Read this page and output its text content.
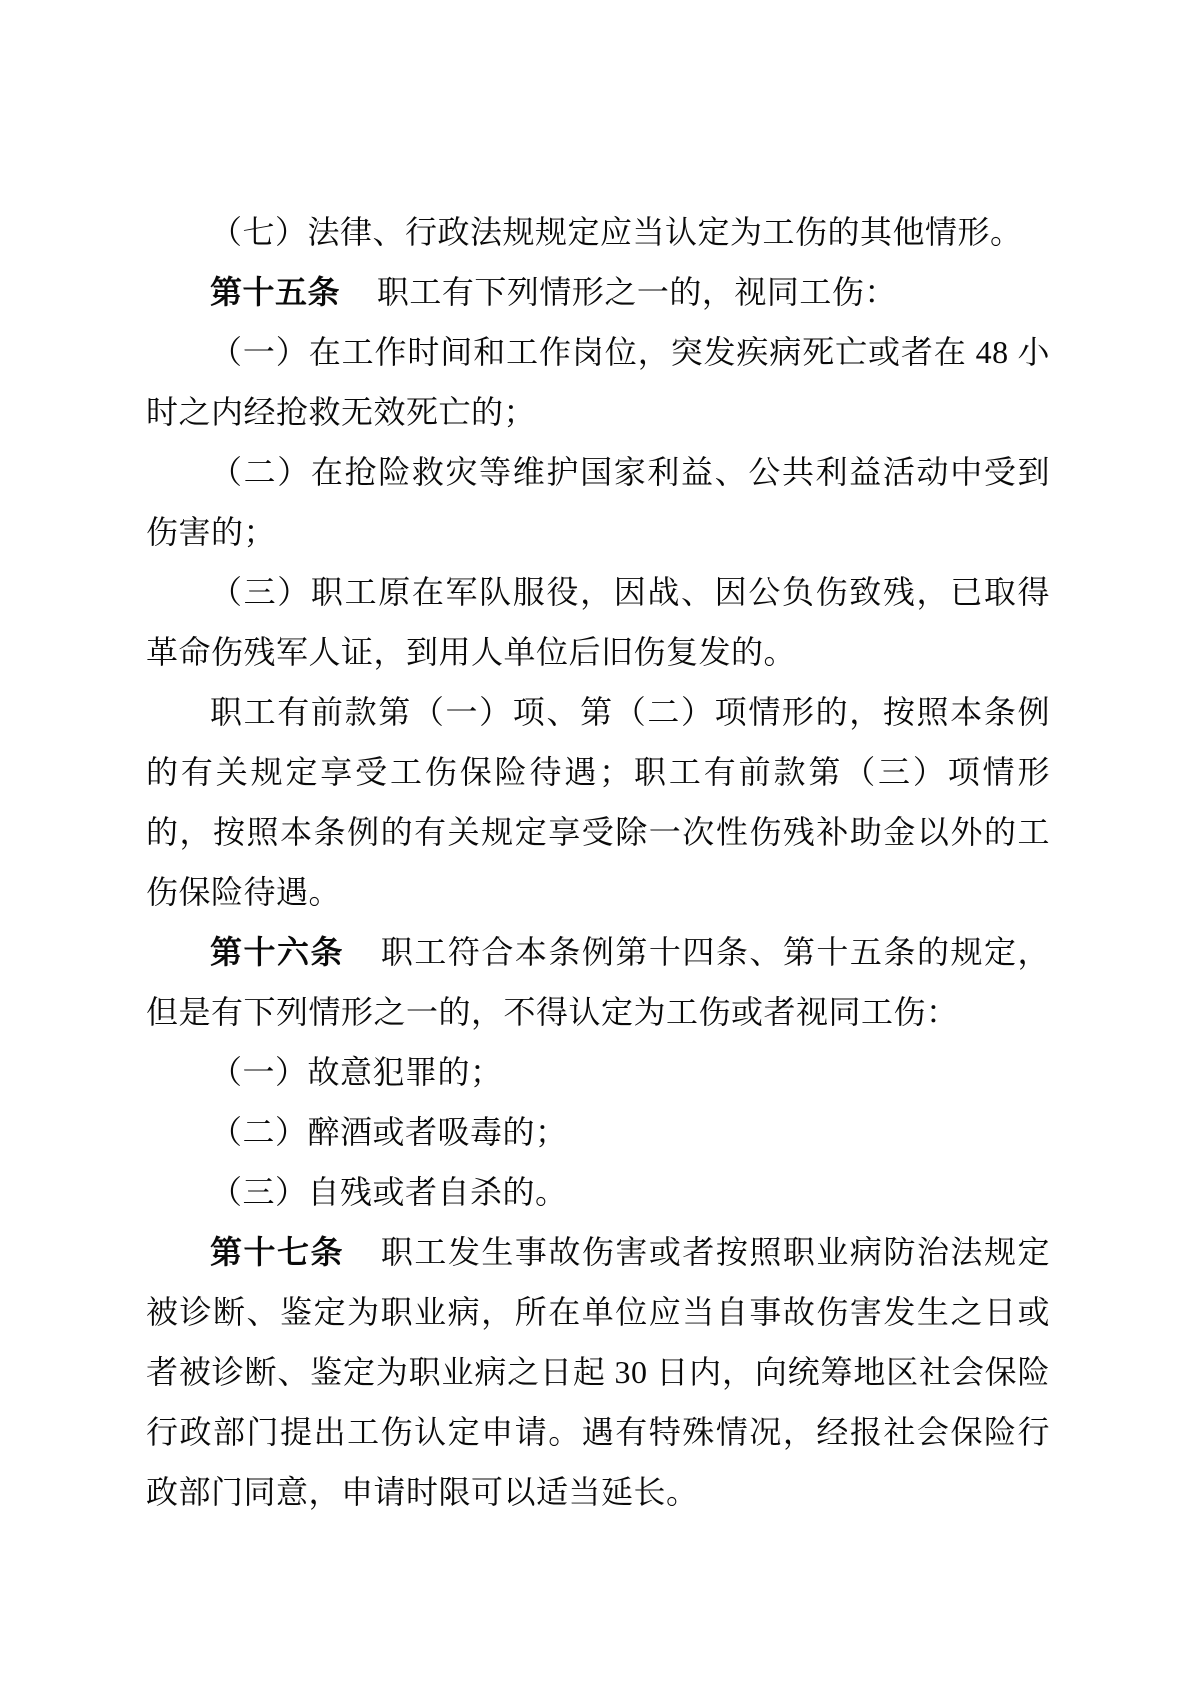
（七）法律、行政法规规定应当认定为工伤的其他情形。

第十五条 职工有下列情形之一的，视同工伤：

（一）在工作时间和工作岗位，突发疾病死亡或者在 48 小时之内经抢救无效死亡的；

（二）在抢险救灾等维护国家利益、公共利益活动中受到伤害的；

（三）职工原在军队服役，因战、因公负伤致残，已取得革命伤残军人证，到用人单位后旧伤复发的。

职工有前款第（一）项、第（二）项情形的，按照本条例的有关规定享受工伤保险待遇；职工有前款第（三）项情形的，按照本条例的有关规定享受除一次性伤残补助金以外的工伤保险待遇。

第十六条 职工符合本条例第十四条、第十五条的规定，但是有下列情形之一的，不得认定为工伤或者视同工伤：

（一）故意犯罪的；

（二）醉酒或者吸毒的；

（三）自残或者自杀的。

第十七条 职工发生事故伤害或者按照职业病防治法规定被诊断、鉴定为职业病，所在单位应当自事故伤害发生之日或者被诊断、鉴定为职业病之日起 30 日内，向统筹地区社会保险行政部门提出工伤认定申请。遇有特殊情况，经报社会保险行政部门同意，申请时限可以适当延长。
